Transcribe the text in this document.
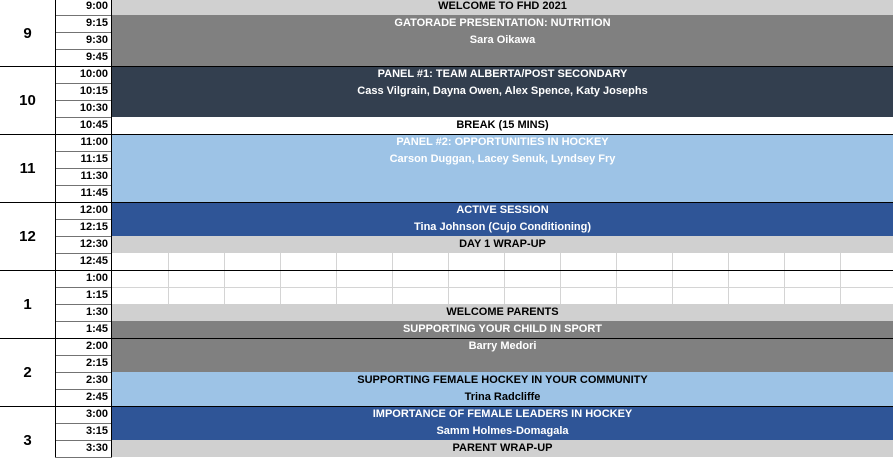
9
10
11
12
1
2
3
9:00
9:15
9:30
9:45
10:00
10:15
10:30
10:45
11:00
11:15
11:30
11:45
12:00
12:15
12:30
12:45
1:00
1:15
1:30
1:45
2:00
2:15
2:30
2:45
3:00
3:15
3:30
WELCOME TO FHD 2021
GATORADE PRESENTATION: NUTRITION
Sara Oikawa
PANEL #1: TEAM ALBERTA/POST SECONDARY
Cass Vilgrain, Dayna Owen, Alex Spence, Katy Josephs
BREAK (15 MINS)
PANEL #2: OPPORTUNITIES IN HOCKEY
Carson Duggan, Lacey Senuk, Lyndsey Fry
ACTIVE SESSION
Tina Johnson (Cujo Conditioning)
DAY 1 WRAP-UP
WELCOME PARENTS
SUPPORTING YOUR CHILD IN SPORT
Barry Medori
SUPPORTING FEMALE HOCKEY IN YOUR COMMUNITY
Trina Radcliffe
IMPORTANCE OF FEMALE LEADERS IN HOCKEY
Samm Holmes-Domagala
PARENT WRAP-UP
